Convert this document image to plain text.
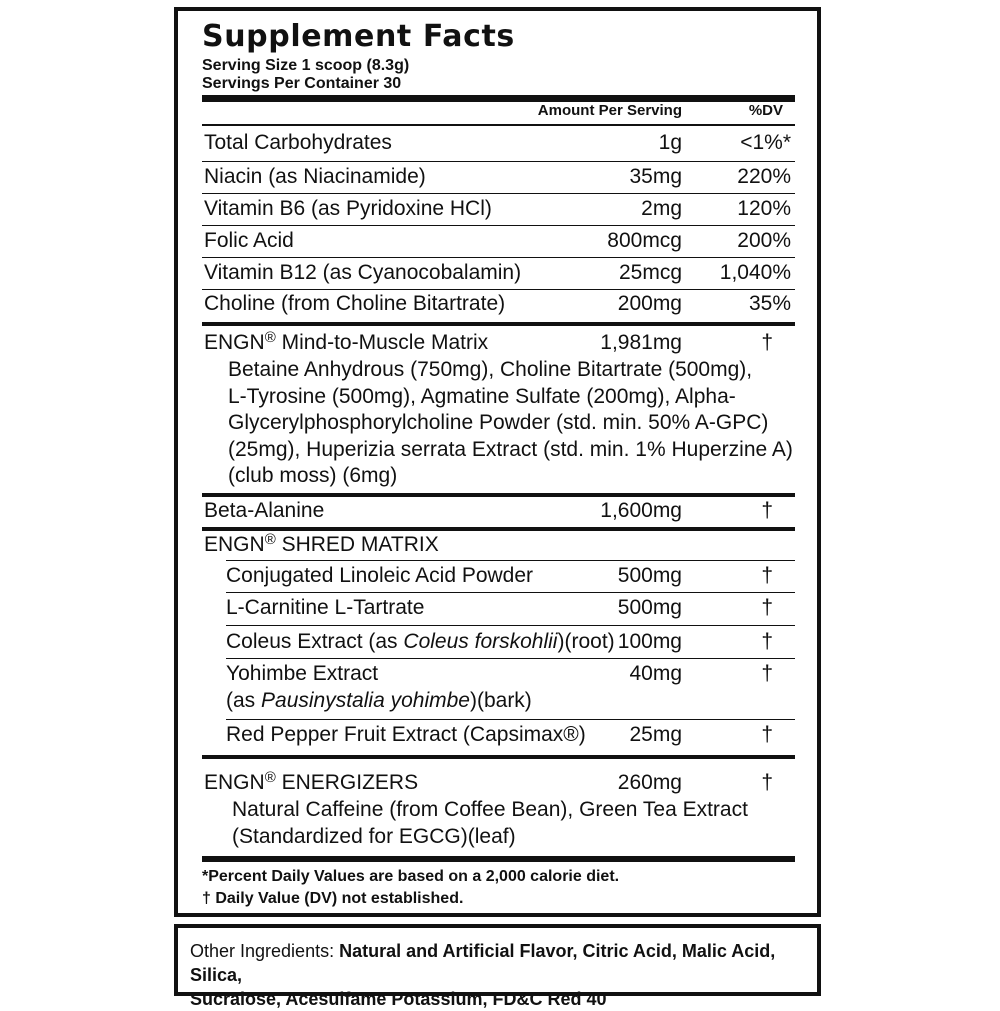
Supplement Facts
Serving Size 1 scoop (8.3g)
Servings Per Container 30
Amount Per Serving	%DV
Total Carbohydrates	1g	<1%*
Niacin (as Niacinamide)	35mg	220%
Vitamin B6 (as Pyridoxine HCl)	2mg	120%
Folic Acid	800mcg	200%
Vitamin B12 (as Cyanocobalamin)	25mcg 1,040%
Choline (from Choline Bitartrate)	200mg	35%
ENGN® Mind-to-Muscle Matrix	1,981mg	†
Betaine Anhydrous (750mg), Choline Bitartrate (500mg),
L-Tyrosine (500mg), Agmatine Sulfate (200mg), Alpha-
Glycerylphosphorylcholine Powder (std. min. 50% A-GPC)
(25mg), Huperizia serrata Extract (std. min. 1% Huperzine A)
(club moss) (6mg)
Beta-Alanine	1,600mg	†
ENGN® SHRED MATRIX
Conjugated Linoleic Acid Powder	500mg	†
L-Carnitine L-Tartrate	500mg	†
Coleus Extract (as Coleus forskohlii)(root) 100mg	†
Yohimbe Extract
(as Pausinystalia yohimbe)(bark)
40mg	†
Red Pepper Fruit Extract (Capsimax®) 25mg	†
ENGN® ENERGIZERS	260mg	†
Natural Caffeine (from Coffee Bean), Green Tea Extract
(Standardized for EGCG)(leaf)
*Percent Daily Values are based on a 2,000 calorie diet.
† Daily Value (DV) not established.
Other Ingredients: Natural and Artificial Flavor, Citric Acid, Malic Acid, Silica,
Sucralose, Acesulfame Potassium, FD&C Red 40
